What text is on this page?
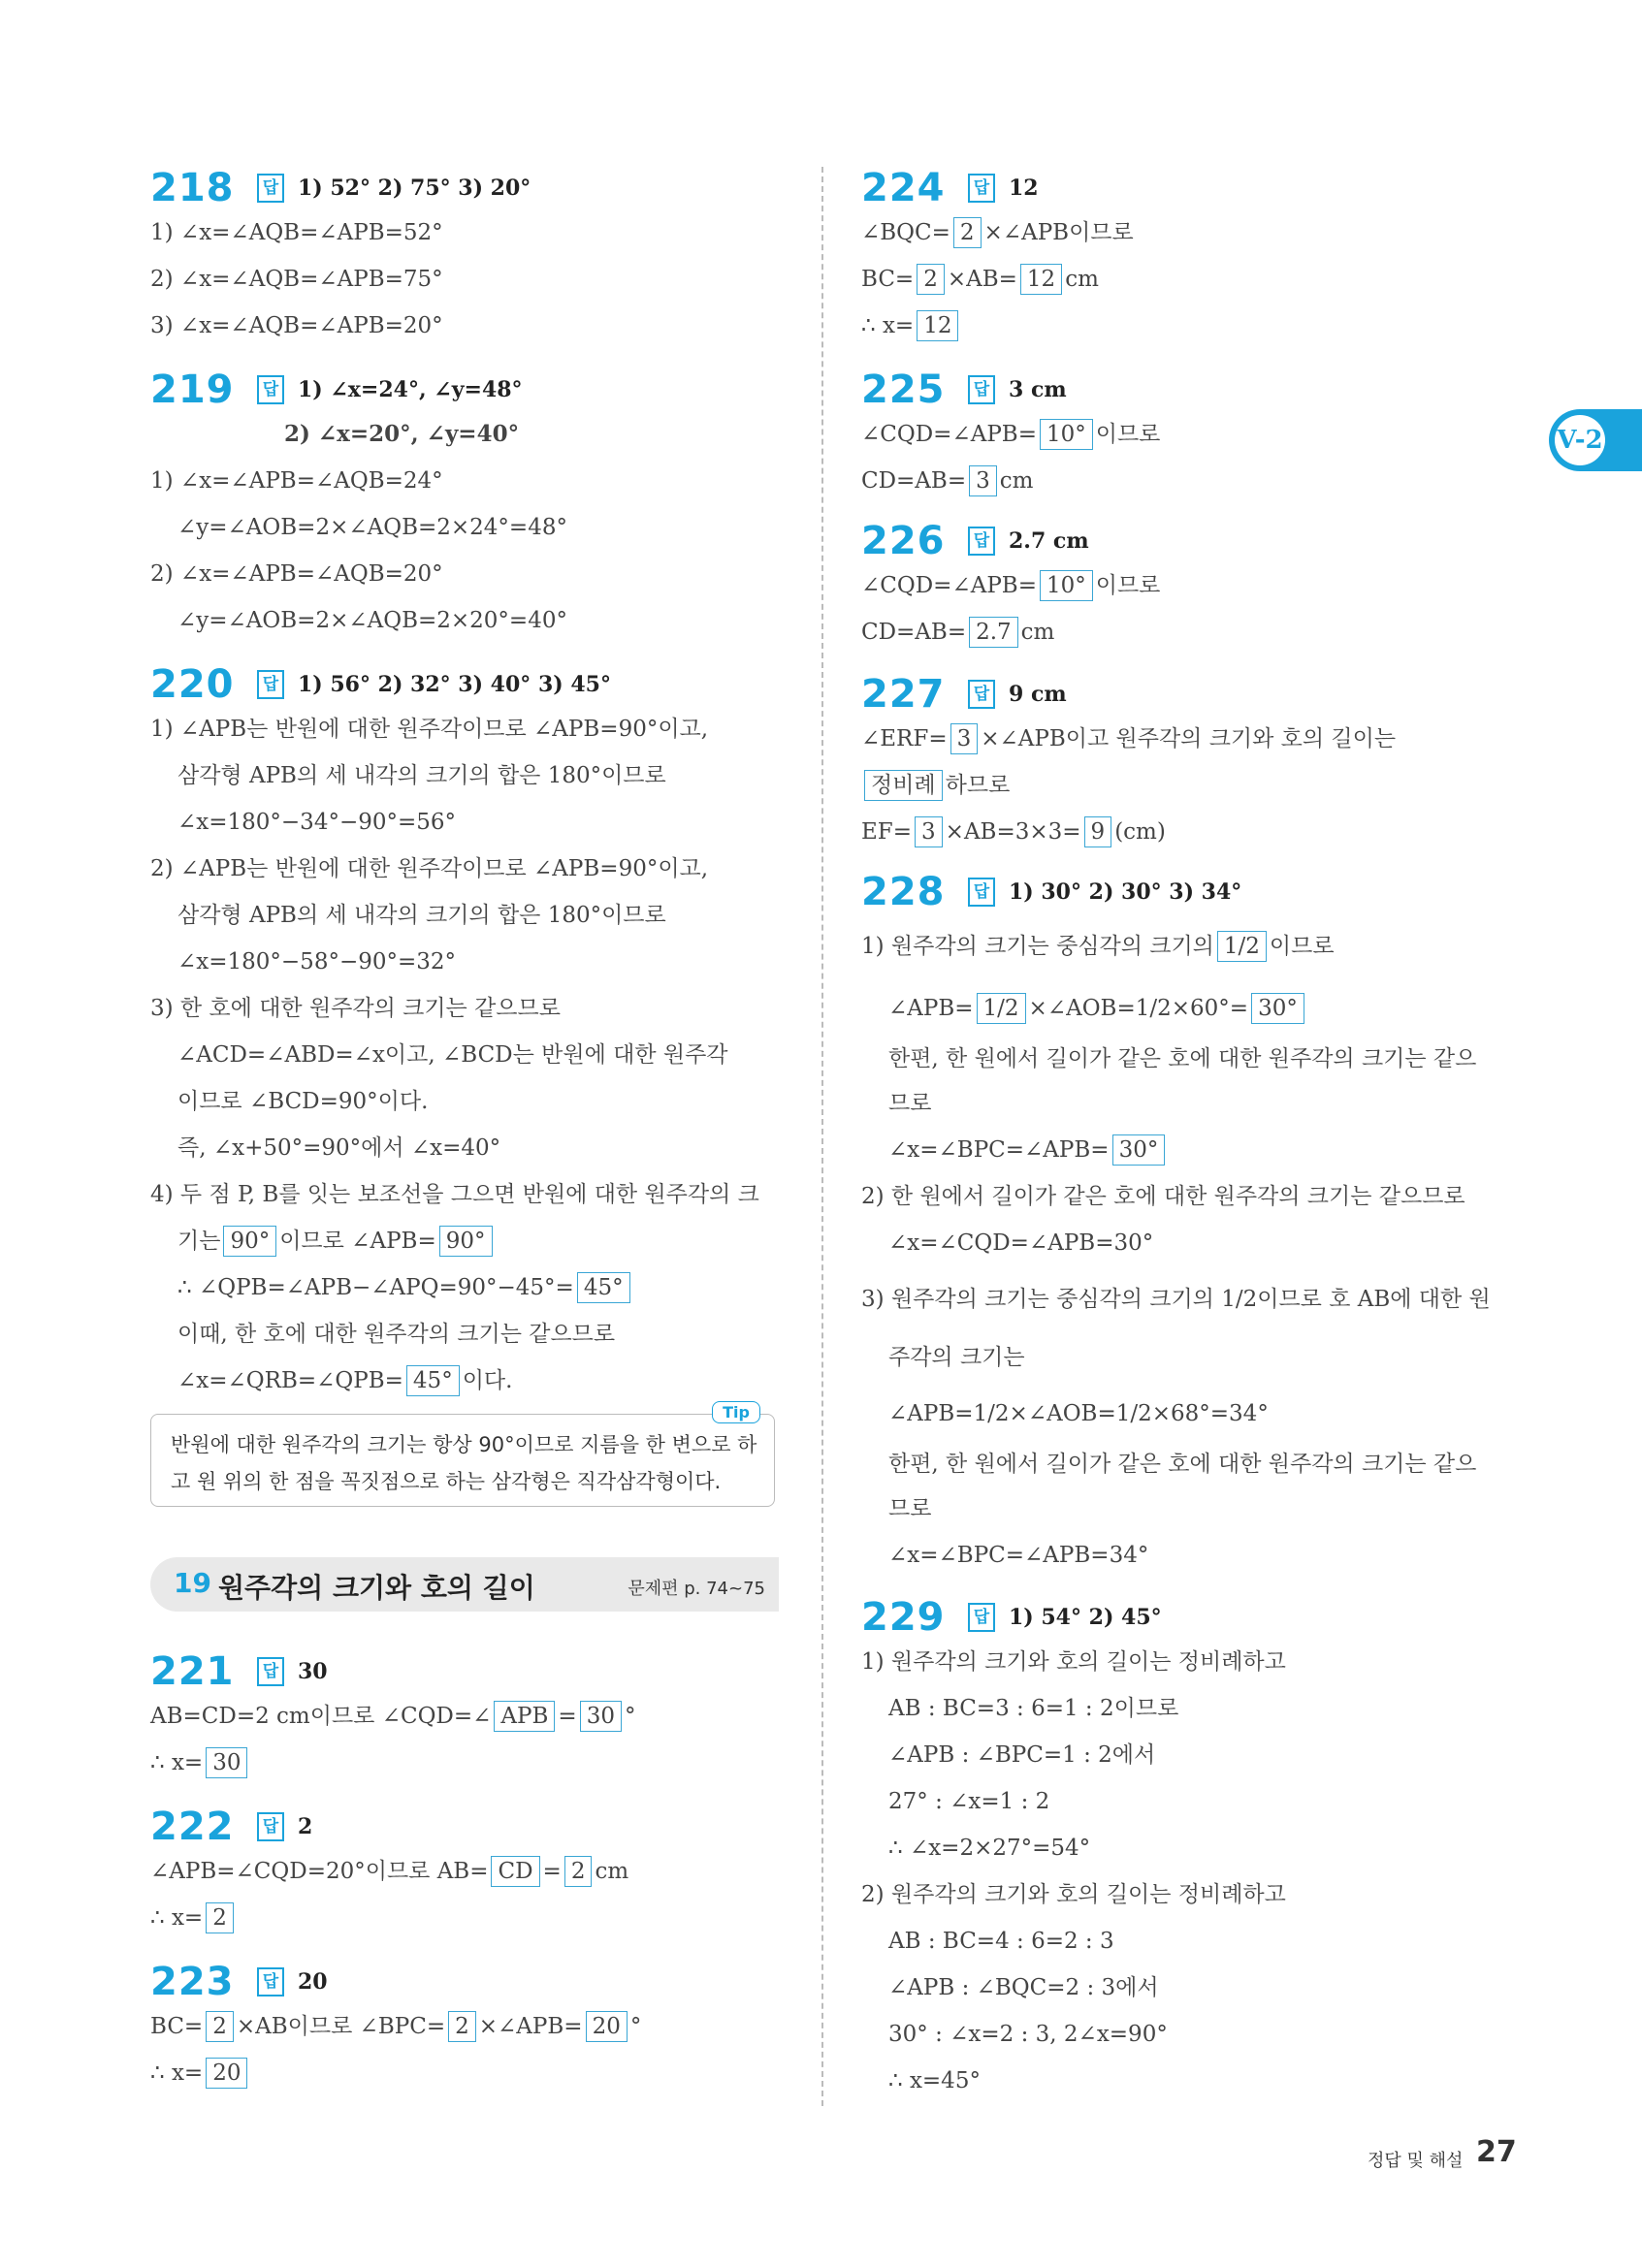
V-2
218	답 1) 52° 2) 75° 3) 20°
1) ∠x=∠AQB=∠APB=52°
2) ∠x=∠AQB=∠APB=75°
3) ∠x=∠AQB=∠APB=20°
219	답 1) ∠x=24°, ∠y=48°
2) ∠x=20°, ∠y=40°
1) ∠x=∠APB=∠AQB=24°
∠y=∠AOB=2×∠AQB=2×24°=48°
2) ∠x=∠APB=∠AQB=20°
∠y=∠AOB=2×∠AQB=2×20°=40°
220	답 1) 56° 2) 32° 3) 40° 3) 45°
1) ∠APB는 반원에 대한 원주각이므로 ∠APB=90°이고,
삼각형 APB의 세 내각의 크기의 합은 180°이므로
∠x=180°−34°−90°=56°
2) ∠APB는 반원에 대한 원주각이므로 ∠APB=90°이고,
삼각형 APB의 세 내각의 크기의 합은 180°이므로
∠x=180°−58°−90°=32°
3) 한 호에 대한 원주각의 크기는 같으므로
∠ACD=∠ABD=∠x이고, ∠BCD는 반원에 대한 원주각
이므로 ∠BCD=90°이다.
즉, ∠x+50°=90°에서 ∠x=40°
4) 두 점 P, B를 잇는 보조선을 그으면 반원에 대한 원주각의 크
기는 90° 이므로 ∠APB= 90°
∴ ∠QPB=∠APB−∠APQ=90°−45°= 45°
이때, 한 호에 대한 원주각의 크기는 같으므로
∠x=∠QRB=∠QPB= 45° 이다.
Tip
반원에 대한 원주각의 크기는 항상 90°이므로 지름을 한 변으로 하고 원 위의 한 점을 꼭짓점으로 하는 삼각형은 직각삼각형이다.
19 원주각의 크기와 호의 길이	문제편 p. 74~75
221	답 30
AB=CD=2 cm이므로 ∠CQD=∠ APB = 30 °
∴ x= 30
222	답 2
∠APB=∠CQD=20°이므로 AB= CD = 2 cm
∴ x= 2
223	답 20
BC= 2 ×AB이므로 ∠BPC= 2 ×∠APB= 20 °
∴ x= 20
224	답 12
∠BQC= 2 ×∠APB이므로
BC= 2 ×AB= 12 cm
∴ x= 12
225	답 3 cm
∠CQD=∠APB= 10° 이므로
CD=AB= 3 cm
226	답 2.7 cm
∠CQD=∠APB= 10° 이므로
CD=AB= 2.7 cm
227	답 9 cm
∠ERF= 3 ×∠APB이고 원주각의 크기와 호의 길이는
정비례 하므로
EF= 3 ×AB=3×3= 9 (cm)
228	답 1) 30° 2) 30° 3) 34°
1) 원주각의 크기는 중심각의 크기의 1/2 이므로
∠APB= 1/2 ×∠AOB=1/2×60°= 30°
한편, 한 원에서 길이가 같은 호에 대한 원주각의 크기는 같으
므로
∠x=∠BPC=∠APB= 30°
2) 한 원에서 길이가 같은 호에 대한 원주각의 크기는 같으므로
∠x=∠CQD=∠APB=30°
3) 원주각의 크기는 중심각의 크기의 1/2이므로 호 AB에 대한 원
주각의 크기는
∠APB=1/2×∠AOB=1/2×68°=34°
한편, 한 원에서 길이가 같은 호에 대한 원주각의 크기는 같으
므로
∠x=∠BPC=∠APB=34°
229	답 1) 54° 2) 45°
1) 원주각의 크기와 호의 길이는 정비례하고
AB : BC=3 : 6=1 : 2이므로
∠APB : ∠BPC=1 : 2에서
27° : ∠x=1 : 2
∴ ∠x=2×27°=54°
2) 원주각의 크기와 호의 길이는 정비례하고
AB : BC=4 : 6=2 : 3
∠APB : ∠BQC=2 : 3에서
30° : ∠x=2 : 3, 2∠x=90°
∴ x=45°
정답 및 해설 27
